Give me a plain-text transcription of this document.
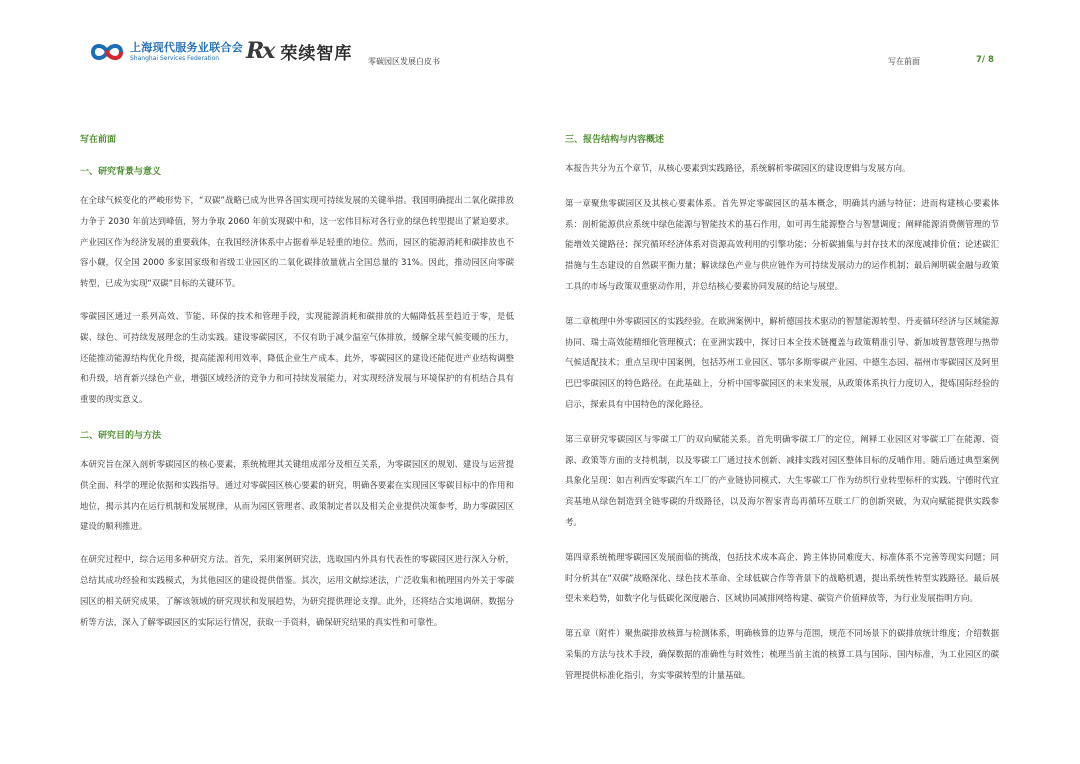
上海现代服务业联合会
Shanghai Services Federation	Rx 荣续智库 零碳园区发展白皮书	写在前面	7/ 8
写在前面
一、研究背景与意义

在全球气候变化的严峻形势下，“双碳”战略已成为世界各国实现可持续发展的关键举措。我国明确提出二氧化碳排放力争于 2030 年前达到峰值，努力争取 2060 年前实现碳中和，这一宏伟目标对各行业的绿色转型提出了紧迫要求。产业园区作为经济发展的重要载体，在我国经济体系中占据着举足轻重的地位。然而，园区的能源消耗和碳排放也不容小觑，仅全国 2000 多家国家级和省级工业园区的二氧化碳排放量就占全国总量的 31%。因此，推动园区向零碳转型，已成为实现“双碳”目标的关键环节。

零碳园区通过一系列高效、节能、环保的技术和管理手段，实现能源消耗和碳排放的大幅降低甚至趋近于零，是低碳、绿色、可持续发展理念的生动实践。建设零碳园区，不仅有助于减少温室气体排放，缓解全球气候变暖的压力，还能推动能源结构优化升级，提高能源利用效率，降低企业生产成本。此外，零碳园区的建设还能促进产业结构调整和升级，培育新兴绿色产业，增强区域经济的竞争力和可持续发展能力，对实现经济发展与环境保护的有机结合具有重要的现实意义。

二、研究目的与方法

本研究旨在深入剖析零碳园区的核心要素，系统梳理其关键组成部分及相互关系，为零碳园区的规划、建设与运营提供全面、科学的理论依据和实践指导。通过对零碳园区核心要素的研究，明确各要素在实现园区零碳目标中的作用和地位，揭示其内在运行机制和发展规律，从而为园区管理者、政策制定者以及相关企业提供决策参考，助力零碳园区建设的顺利推进。

在研究过程中，综合运用多种研究方法。首先，采用案例研究法，选取国内外具有代表性的零碳园区进行深入分析，总结其成功经验和实践模式，为其他园区的建设提供借鉴。其次，运用文献综述法，广泛收集和梳理国内外关于零碳园区的相关研究成果，了解该领域的研究现状和发展趋势，为研究提供理论支撑。此外，还将结合实地调研、数据分析等方法，深入了解零碳园区的实际运行情况，获取一手资料，确保研究结果的真实性和可靠性。

三、报告结构与内容概述

本报告共分为五个章节，从核心要素到实践路径，系统解析零碳园区的建设逻辑与发展方向。

第一章聚焦零碳园区及其核心要素体系。首先界定零碳园区的基本概念，明确其内涵与特征；进而构建核心要素体系：剖析能源供应系统中绿色能源与智能技术的基石作用，如可再生能源整合与智慧调度；阐释能源消费侧管理的节能增效关键路径；探究循环经济体系对资源高效利用的引擎功能；分析碳捕集与封存技术的深度减排价值；论述碳汇措施与生态建设的自然碳平衡力量；解读绿色产业与供应链作为可持续发展动力的运作机制；最后阐明碳金融与政策工具的市场与政策双重驱动作用，并总结核心要素协同发展的结论与展望。

第二章梳理中外零碳园区的实践经验。在欧洲案例中，解析德国技术驱动的智慧能源转型、丹麦循环经济与区域能源协同、瑞士高效能精细化管理模式；在亚洲实践中，探讨日本全技术链覆盖与政策精准引导、新加坡智慧管理与热带气候适配技术；重点呈现中国案例，包括苏州工业园区、鄂尔多斯零碳产业园、中德生态园、福州市零碳园区及阿里巴巴零碳园区的特色路径。在此基础上，分析中国零碳园区的未来发展，从政策体系执行力度切入，提炼国际经验的启示，探索具有中国特色的深化路径。

第三章研究零碳园区与零碳工厂的双向赋能关系。首先明确零碳工厂的定位，阐释工业园区对零碳工厂在能源、资源、政策等方面的支持机制，以及零碳工厂通过技术创新、减排实践对园区整体目标的反哺作用。随后通过典型案例具象化呈现：如吉利西安零碳汽车工厂的产业链协同模式、大生零碳工厂作为纺织行业转型标杆的实践、宁德时代宜宾基地从绿色制造到全链零碳的升级路径，以及海尔智家青岛再循环互联工厂的创新突破，为双向赋能提供实践参考。

第四章系统梳理零碳园区发展面临的挑战，包括技术成本高企、跨主体协同难度大、标准体系不完善等现实问题；同时分析其在“双碳”战略深化、绿色技术革命、全球低碳合作等背景下的战略机遇，提出系统性转型实践路径。最后展望未来趋势，如数字化与低碳化深度融合、区域协同减排网络构建、碳资产价值释放等，为行业发展指明方向。

第五章（附件）聚焦碳排放核算与检测体系，明确核算的边界与范围，规范不同场景下的碳排放统计维度；介绍数据采集的方法与技术手段，确保数据的准确性与时效性；梳理当前主流的核算工具与国际、国内标准，为工业园区的碳管理提供标准化指引，夯实零碳转型的计量基础。
